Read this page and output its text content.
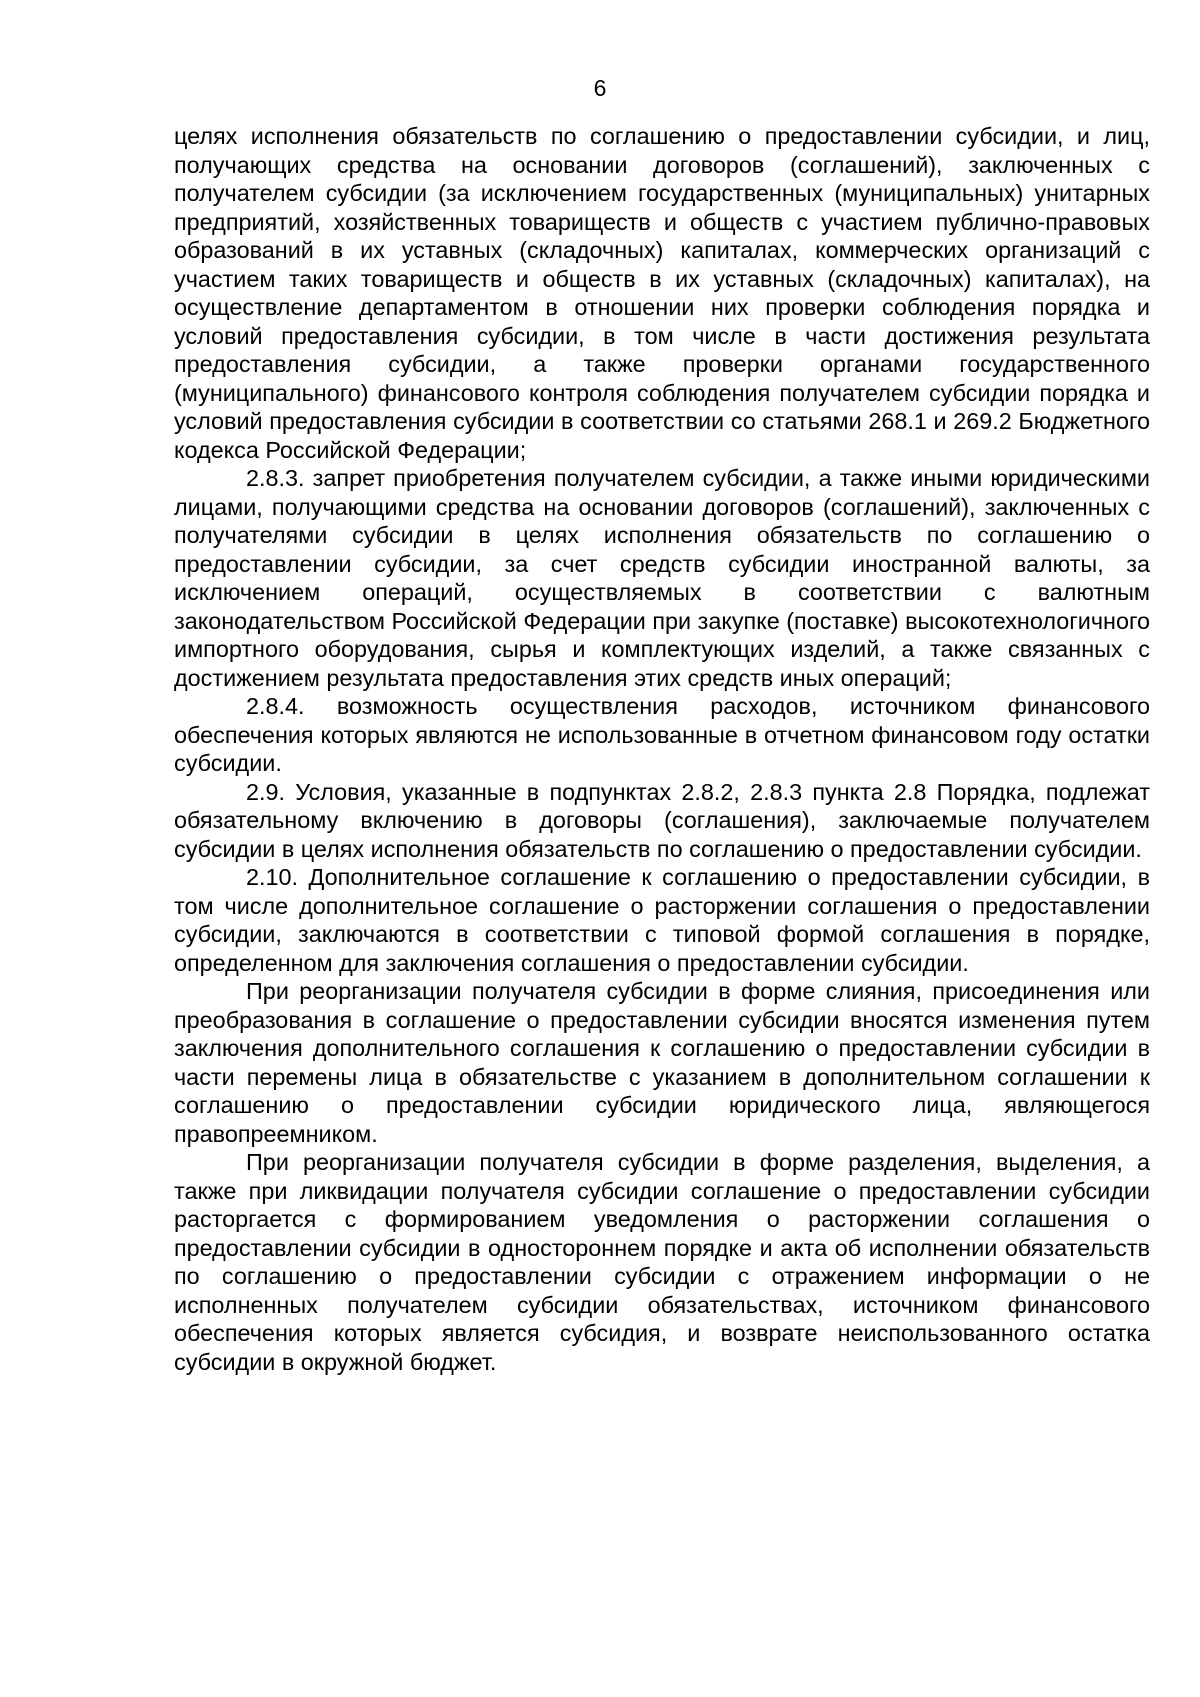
6

целях исполнения обязательств по соглашению о предоставлении субсидии, и лиц, получающих средства на основании договоров (соглашений), заключенных с получателем субсидии (за исключением государственных (муниципальных) унитарных предприятий, хозяйственных товариществ и обществ с участием публично-правовых образований в их уставных (складочных) капиталах, коммерческих организаций с участием таких товариществ и обществ в их уставных (складочных) капиталах), на осуществление департаментом в отношении них проверки соблюдения порядка и условий предоставления субсидии, в том числе в части достижения результата предоставления субсидии, а также проверки органами государственного (муниципального) финансового контроля соблюдения получателем субсидии порядка и условий предоставления субсидии в соответствии со статьями 268.1 и 269.2 Бюджетного кодекса Российской Федерации;

2.8.3. запрет приобретения получателем субсидии, а также иными юридическими лицами, получающими средства на основании договоров (соглашений), заключенных с получателями субсидии в целях исполнения обязательств по соглашению о предоставлении субсидии, за счет средств субсидии иностранной валюты, за исключением операций, осуществляемых в соответствии с валютным законодательством Российской Федерации при закупке (поставке) высокотехнологичного импортного оборудования, сырья и комплектующих изделий, а также связанных с достижением результата предоставления этих средств иных операций;

2.8.4. возможность осуществления расходов, источником финансового обеспечения которых являются не использованные в отчетном финансовом году остатки субсидии.

2.9. Условия, указанные в подпунктах 2.8.2, 2.8.3 пункта 2.8 Порядка, подлежат обязательному включению в договоры (соглашения), заключаемые получателем субсидии в целях исполнения обязательств по соглашению о предоставлении субсидии.

2.10. Дополнительное соглашение к соглашению о предоставлении субсидии, в том числе дополнительное соглашение о расторжении соглашения о предоставлении субсидии, заключаются в соответствии с типовой формой соглашения в порядке, определенном для заключения соглашения о предоставлении субсидии.

При реорганизации получателя субсидии в форме слияния, присоединения или преобразования в соглашение о предоставлении субсидии вносятся изменения путем заключения дополнительного соглашения к соглашению о предоставлении субсидии в части перемены лица в обязательстве с указанием в дополнительном соглашении к соглашению о предоставлении субсидии юридического лица, являющегося правопреемником.

При реорганизации получателя субсидии в форме разделения, выделения, а также при ликвидации получателя субсидии соглашение о предоставлении субсидии расторгается с формированием уведомления о расторжении соглашения о предоставлении субсидии в одностороннем порядке и акта об исполнении обязательств по соглашению о предоставлении субсидии с отражением информации о не исполненных получателем субсидии обязательствах, источником финансового обеспечения которых является субсидия, и возврате неиспользованного остатка субсидии в окружной бюджет.
